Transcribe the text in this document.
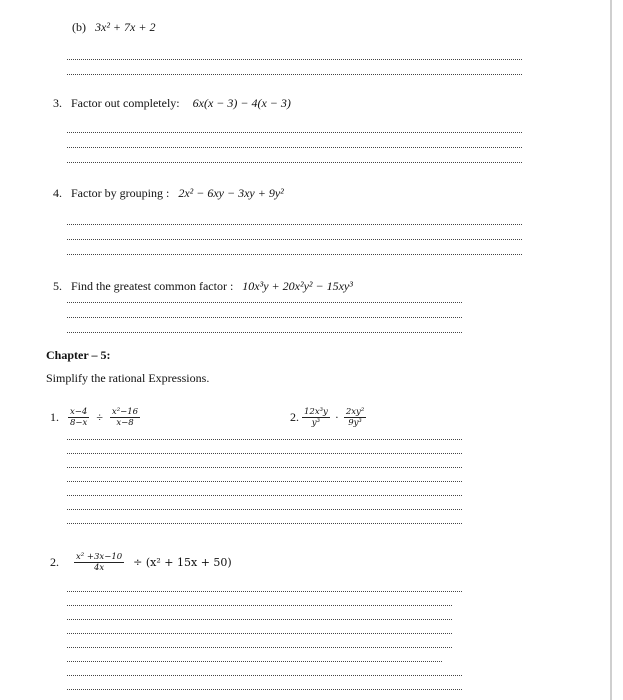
(b) 3x² + 7x + 2
3. Factor out completely: 6x(x − 3) − 4(x − 3)
4. Factor by grouping : 2x² − 6xy − 3xy + 9y²
5. Find the greatest common factor : 10x³y + 20x²y² − 15xy³
Chapter – 5:
Simplify the rational Expressions.
1. $\frac{x-4}{8-x} \div \frac{\text{x²−16}}{x-8}$	2. $\frac{\text{12x³y}}{\text{y³}} \cdot \frac{\text{2xy²}}{\text{9y³}}$
2. $\frac{\text{x² +3x−10}}{4x} \div (x^2 + 15x + 50)$
